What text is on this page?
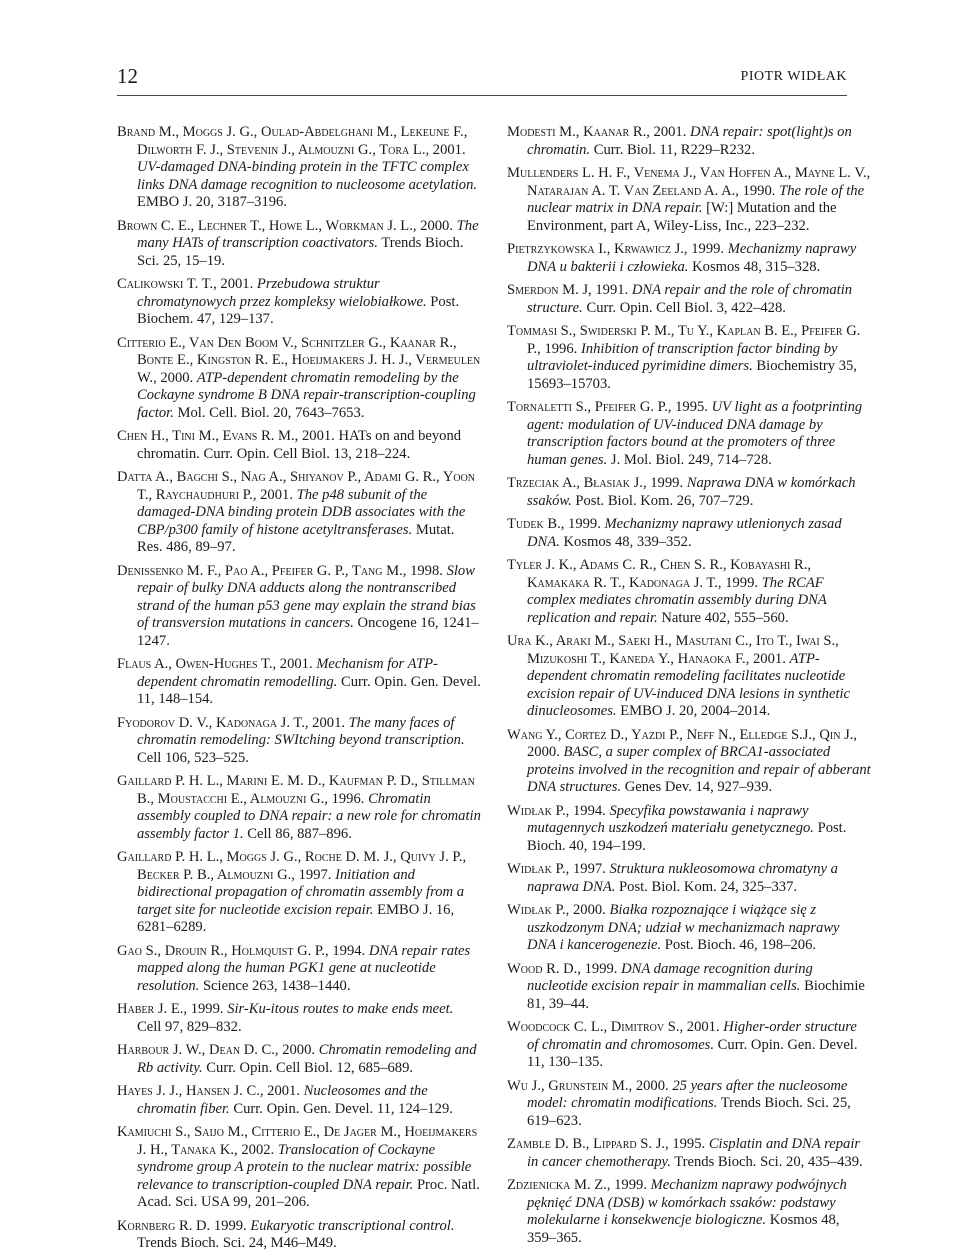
12	PIOTR WIDŁAK

Brand M., Moggs J. G., Oulad-Abdelghani M., Lekeune F., Dilworth F. J., Stevenin J., Almouzni G., Tora L., 2001. UV-damaged DNA-binding protein in the TFTC complex links DNA damage recognition to nucleosome acetylation. EMBO J. 20, 3187–3196.

Brown C. E., Lechner T., Howe L., Workman J. L., 2000. The many HATs of transcription coactivators. Trends Bioch. Sci. 25, 15–19.

Calikowski T. T., 2001. Przebudowa struktur chromatynowych przez kompleksy wielobiałkowe. Post. Biochem. 47, 129–137.

Citterio E., Van Den Boom V., Schnitzler G., Kaanar R., Bonte E., Kingston R. E., Hoeijmakers J. H. J., Vermeulen W., 2000. ATP-dependent chromatin remodeling by the Cockayne syndrome B DNA repair-transcription-coupling factor. Mol. Cell. Biol. 20, 7643–7653.

Chen H., Tini M., Evans R. M., 2001. HATs on and beyond chromatin. Curr. Opin. Cell Biol. 13, 218–224.

Datta A., Bagchi S., Nag A., Shiyanov P., Adami G. R., Yoon T., Raychaudhuri P., 2001. The p48 subunit of the damaged-DNA binding protein DDB associates with the CBP/p300 family of histone acetyltransferases. Mutat. Res. 486, 89–97.

Denissenko M. F., Pao A., Pfeifer G. P., Tang M., 1998. Slow repair of bulky DNA adducts along the nontranscribed strand of the human p53 gene may explain the strand bias of transversion mutations in cancers. Oncogene 16, 1241–1247.

Flaus A., Owen-Hughes T., 2001. Mechanism for ATP-dependent chromatin remodelling. Curr. Opin. Gen. Devel. 11, 148–154.

Fyodorov D. V., Kadonaga J. T., 2001. The many faces of chromatin remodeling: SWItching beyond transcription. Cell 106, 523–525.

Gaillard P. H. L., Marini E. M. D., Kaufman P. D., Stillman B., Moustacchi E., Almouzni G., 1996. Chromatin assembly coupled to DNA repair: a new role for chromatin assembly factor 1. Cell 86, 887–896.

Gaillard P. H. L., Moggs J. G., Roche D. M. J., Quivy J. P., Becker P. B., Almouzni G., 1997. Initiation and bidirectional propagation of chromatin assembly from a target site for nucleotide excision repair. EMBO J. 16, 6281–6289.

Gao S., Drouin R., Holmquist G. P., 1994. DNA repair rates mapped along the human PGK1 gene at nucleotide resolution. Science 263, 1438–1440.

Haber J. E., 1999. Sir-Ku-itous routes to make ends meet. Cell 97, 829–832.

Harbour J. W., Dean D. C., 2000. Chromatin remodeling and Rb activity. Curr. Opin. Cell Biol. 12, 685–689.

Hayes J. J., Hansen J. C., 2001. Nucleosomes and the chromatin fiber. Curr. Opin. Gen. Devel. 11, 124–129.

Kamiuchi S., Saijo M., Citterio E., De Jager M., Hoeijmakers J. H., Tanaka K., 2002. Translocation of Cockayne syndrome group A protein to the nuclear matrix: possible relevance to transcription-coupled DNA repair. Proc. Natl. Acad. Sci. USA 99, 201–206.

Kornberg R. D. 1999. Eukaryotic transcriptional control. Trends Bioch. Sci. 24, M46–M49.

Modesti M., Kaanar R., 2001. DNA repair: spot(light)s on chromatin. Curr. Biol. 11, R229–R232.

Mullenders L. H. F., Venema J., Van Hoffen A., Mayne L. V., Natarajan A. T. Van Zeeland A. A., 1990. The role of the nuclear matrix in DNA repair. [W:] Mutation and the Environment, part A, Wiley-Liss, Inc., 223–232.

Pietrzykowska I., Krwawicz J., 1999. Mechanizmy naprawy DNA u bakterii i człowieka. Kosmos 48, 315–328.

Smerdon M. J, 1991. DNA repair and the role of chromatin structure. Curr. Opin. Cell Biol. 3, 422–428.

Tommasi S., Swiderski P. M., Tu Y., Kaplan B. E., Pfeifer G. P., 1996. Inhibition of transcription factor binding by ultraviolet-induced pyrimidine dimers. Biochemistry 35, 15693–15703.

Tornaletti S., Pfeifer G. P., 1995. UV light as a footprinting agent: modulation of UV-induced DNA damage by transcription factors bound at the promoters of three human genes. J. Mol. Biol. 249, 714–728.

Trzeciak A., Błasiak J., 1999. Naprawa DNA w komórkach ssaków. Post. Biol. Kom. 26, 707–729.

Tudek B., 1999. Mechanizmy naprawy utlenionych zasad DNA. Kosmos 48, 339–352.

Tyler J. K., Adams C. R., Chen S. R., Kobayashi R., Kamakaka R. T., Kadonaga J. T., 1999. The RCAF complex mediates chromatin assembly during DNA replication and repair. Nature 402, 555–560.

Ura K., Araki M., Saeki H., Masutani C., Ito T., Iwai S., Mizukoshi T., Kaneda Y., Hanaoka F., 2001. ATP-dependent chromatin remodeling facilitates nucleotide excision repair of UV-induced DNA lesions in synthetic dinucleosomes. EMBO J. 20, 2004–2014.

Wang Y., Cortez D., Yazdi P., Neff N., Elledge S.J., Qin J., 2000. BASC, a super complex of BRCA1-associated proteins involved in the recognition and repair of abberant DNA structures. Genes Dev. 14, 927–939.

Widłak P., 1994. Specyfika powstawania i naprawy mutagennych uszkodzeń materiału genetycznego. Post. Bioch. 40, 194–199.

Widłak P., 1997. Struktura nukleosomowa chromatyny a naprawa DNA. Post. Biol. Kom. 24, 325–337.

Widłak P., 2000. Białka rozpoznające i wiążące się z uszkodzonym DNA; udział w mechanizmach naprawy DNA i kancerogenezie. Post. Bioch. 46, 198–206.

Wood R. D., 1999. DNA damage recognition during nucleotide excision repair in mammalian cells. Biochimie 81, 39–44.

Woodcock C. L., Dimitrov S., 2001. Higher-order structure of chromatin and chromosomes. Curr. Opin. Gen. Devel. 11, 130–135.

Wu J., Grunstein M., 2000. 25 years after the nucleosome model: chromatin modifications. Trends Bioch. Sci. 25, 619–623.

Zamble D. B., Lippard S. J., 1995. Cisplatin and DNA repair in cancer chemotherapy. Trends Bioch. Sci. 20, 435–439.

Zdzienicka M. Z., 1999. Mechanizm naprawy podwójnych pęknięć DNA (DSB) w komórkach ssaków: podstawy molekularne i konsekwencje biologiczne. Kosmos 48, 359–365.
